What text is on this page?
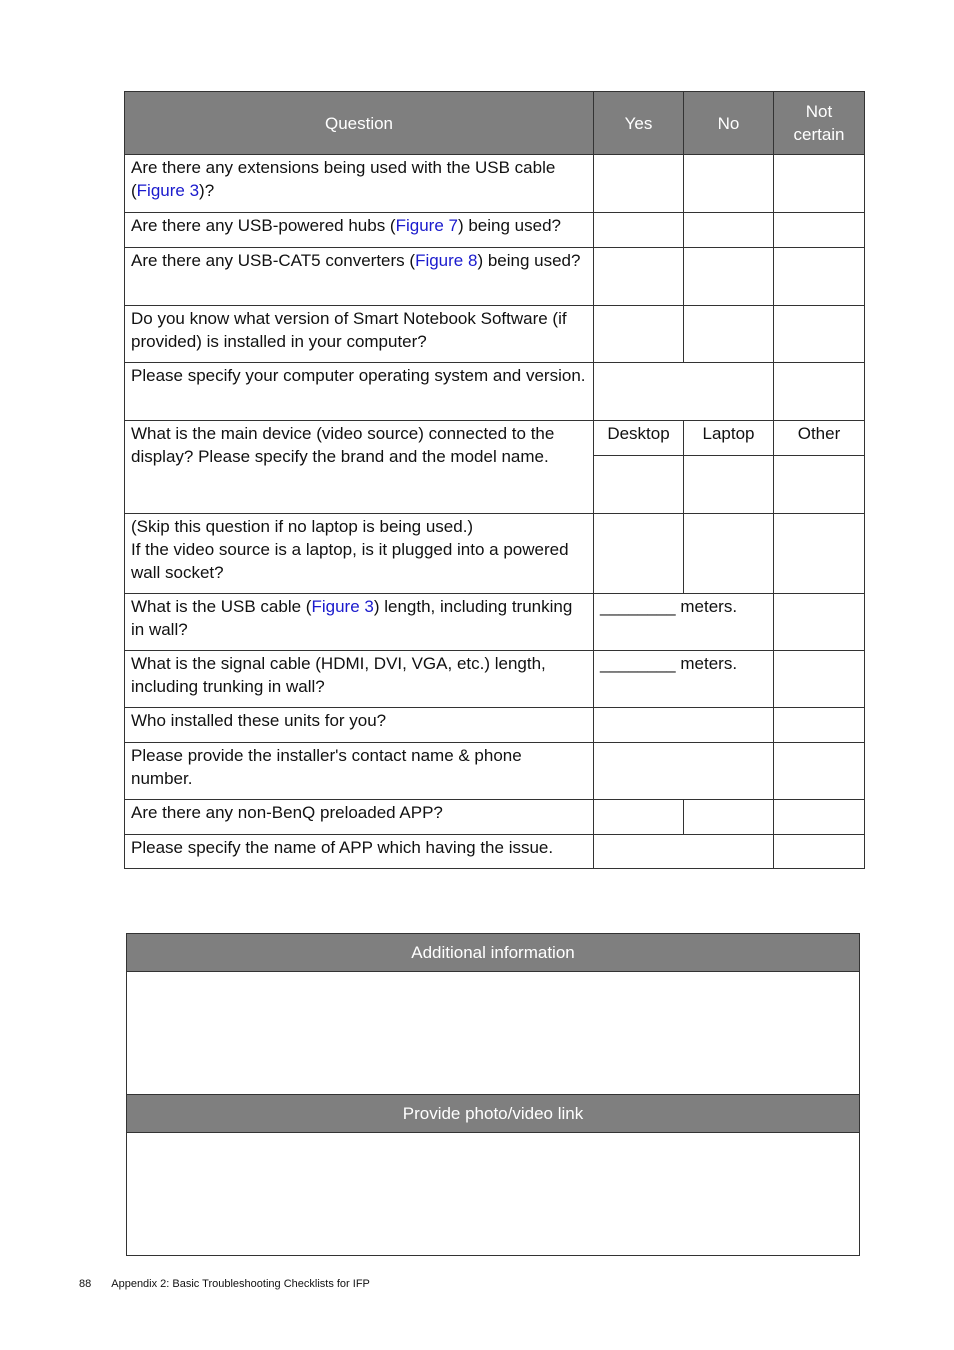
Question	Yes	No	Not certain
Are there any extensions being used with the USB cable (Figure 3)?			
Are there any USB-powered hubs (Figure 7) being used?			
Are there any USB-CAT5 converters (Figure 8) being used?			
Do you know what version of Smart Notebook Software (if provided) is installed in your computer?			
Please specify your computer operating system and version.			
What is the main device (video source) connected to the display? Please specify the brand and the model name.	Desktop	Laptop	Other

(Skip this question if no laptop is being used.)
If the video source is a laptop, is it plugged into a powered wall socket?			
What is the USB cable (Figure 3) length, including trunking in wall?	________ meters.		
What is the signal cable (HDMI, DVI, VGA, etc.) length, including trunking in wall?	________ meters.		
Who installed these units for you?			
Please provide the installer's contact name & phone number.			
Are there any non-BenQ preloaded APP?			
Please specify the name of APP which having the issue.			
Additional information

Provide photo/video link

88 Appendix 2: Basic Troubleshooting Checklists for IFP
